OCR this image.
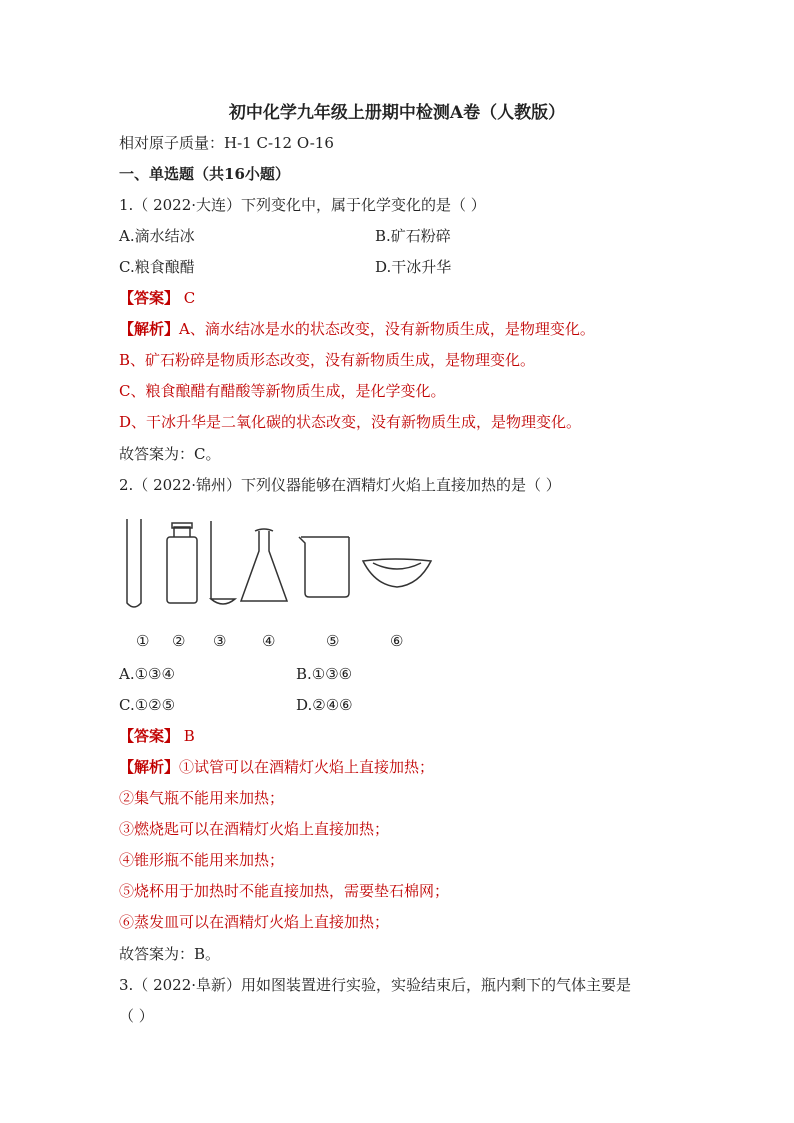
初中化学九年级上册期中检测A卷（人教版）
相对原子质量：H-1 C-12 O-16
一、单选题（共16小题）
1.（ 2022·大连）下列变化中，属于化学变化的是（ ）
A.滴水结冰	B.矿石粉碎
C.粮食酿醋	D.干冰升华
【答案】 C
【解析】A、滴水结冰是水的状态改变，没有新物质生成，是物理变化。
B、矿石粉碎是物质形态改变，没有新物质生成，是物理变化。
C、粮食酿醋有醋酸等新物质生成，是化学变化。
D、干冰升华是二氧化碳的状态改变，没有新物质生成，是物理变化。
故答案为：C。
2.（ 2022·锦州）下列仪器能够在酒精灯火焰上直接加热的是（ ）
① ② ③ ④	⑤	⑥
A.①③④	B.①③⑥
C.①②⑤	D.②④⑥
【答案】 B
【解析】①试管可以在酒精灯火焰上直接加热；
②集气瓶不能用来加热；
③燃烧匙可以在酒精灯火焰上直接加热；
④锥形瓶不能用来加热；
⑤烧杯用于加热时不能直接加热，需要垫石棉网；
⑥蒸发皿可以在酒精灯火焰上直接加热；
故答案为：B。
3.（ 2022·阜新）用如图装置进行实验，实验结束后，瓶内剩下的气体主要是
（ ）
